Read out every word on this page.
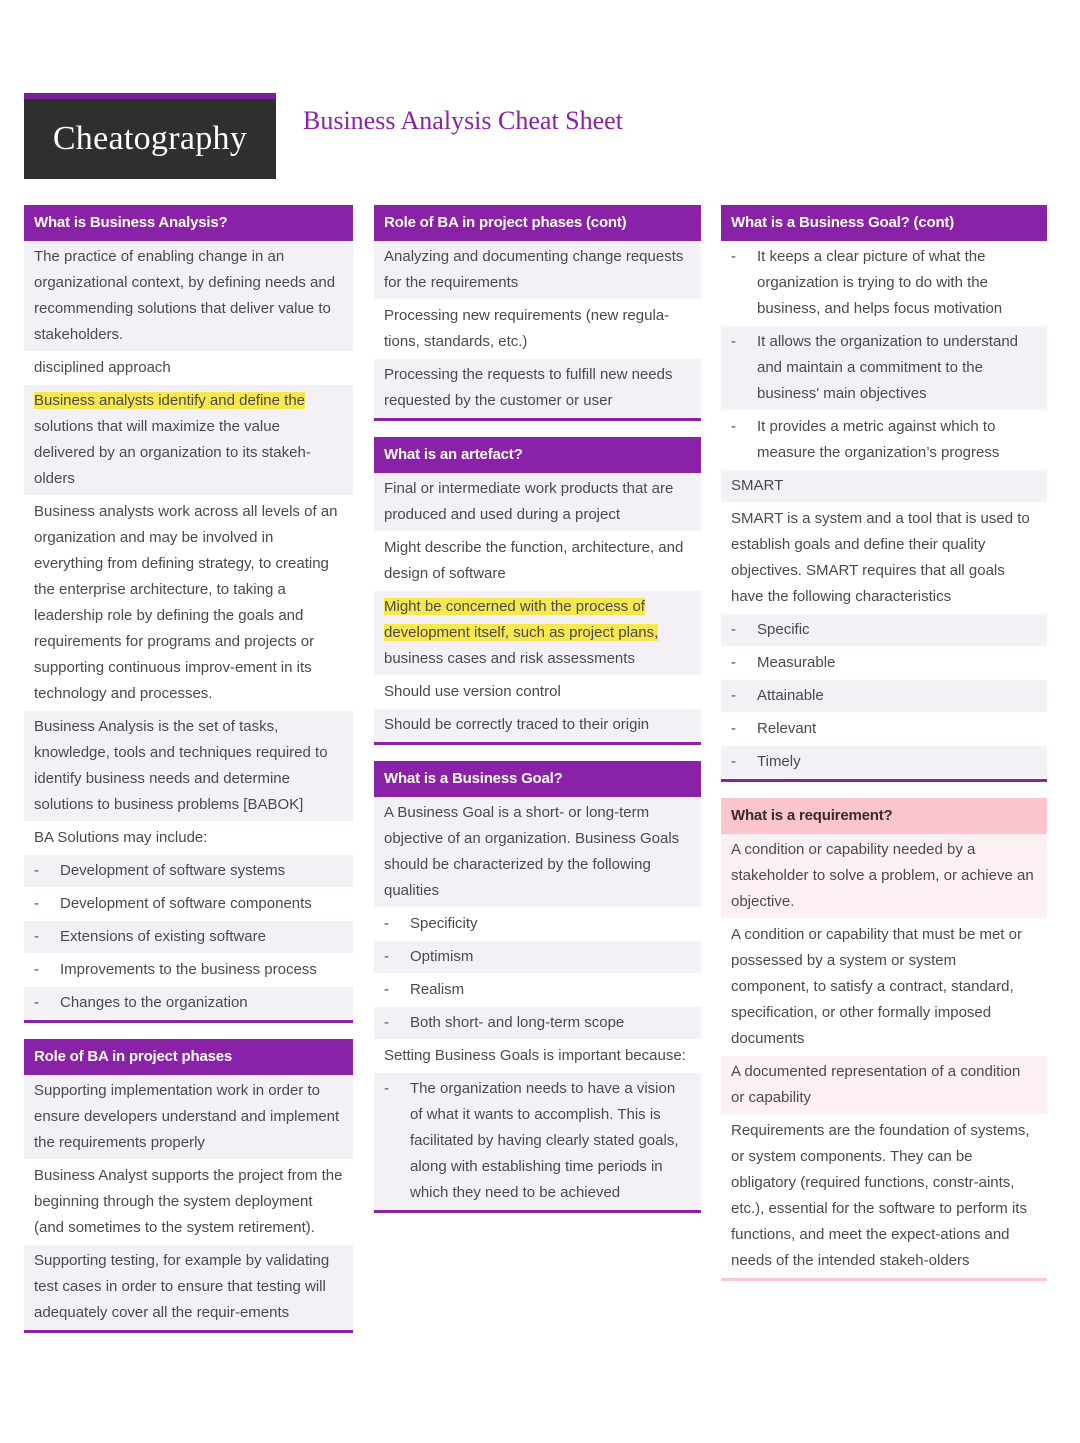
Cheatography Business Analysis Cheat Sheet
What is Business Analysis?
The practice of enabling change in an organizational context, by defining needs and recommending solutions that deliver value to stakeholders.
disciplined approach
Business analysts identify and define the solutions that will maximize the value delivered by an organization to its stakeh-olders
Business analysts work across all levels of an organization and may be involved in everything from defining strategy, to creating the enterprise architecture, to taking a leadership role by defining the goals and requirements for programs and projects or supporting continuous improv-ement in its technology and processes.
Business Analysis is the set of tasks, knowledge, tools and techniques required to identify business needs and determine solutions to business problems [BABOK]
BA Solutions may include:
-	Development of software systems
-	Development of software components
-	Extensions of existing software
-	Improvements to the business process
-	Changes to the organization
Role of BA in project phases
Supporting implementation work in order to ensure developers understand and implement the requirements properly
Business Analyst supports the project from the beginning through the system deployment (and sometimes to the system retirement).
Supporting testing, for example by validating test cases in order to ensure that testing will adequately cover all the requir-ements
Role of BA in project phases (cont)
Analyzing and documenting change requests for the requirements
Processing new requirements (new regula-tions, standards, etc.)
Processing the requests to fulfill new needs requested by the customer or user
What is an artefact?
Final or intermediate work products that are produced and used during a project
Might describe the function, architecture, and design of software
Might be concerned with the process of development itself, such as project plans, business cases and risk assessments
Should use version control
Should be correctly traced to their origin
What is a Business Goal?
A Business Goal is a short- or long-term objective of an organization. Business Goals should be characterized by the following qualities
-	Specificity
-	Optimism
-	Realism
-	Both short- and long-term scope
Setting Business Goals is important because:
-	The organization needs to have a vision of what it wants to accomplish. This is facilitated by having clearly stated goals, along with establishing time periods in which they need to be achieved
What is a Business Goal? (cont)
-	It keeps a clear picture of what the organization is trying to do with the business, and helps focus motivation
-	It allows the organization to understand and maintain a commitment to the business' main objectives
-	It provides a metric against which to measure the organization’s progress
SMART
SMART is a system and a tool that is used to establish goals and define their quality objectives. SMART requires that all goals have the following characteristics
-	Specific
-	Measurable
-	Attainable
-	Relevant
-	Timely
What is a requirement?
A condition or capability needed by a stakeholder to solve a problem, or achieve an objective.
A condition or capability that must be met or possessed by a system or system component, to satisfy a contract, standard, specification, or other formally imposed documents
A documented representation of a condition or capability
Requirements are the foundation of systems, or system components. They can be obligatory (required functions, constr-aints, etc.), essential for the software to perform its functions, and meet the expect-ations and needs of the intended stakeh-olders
